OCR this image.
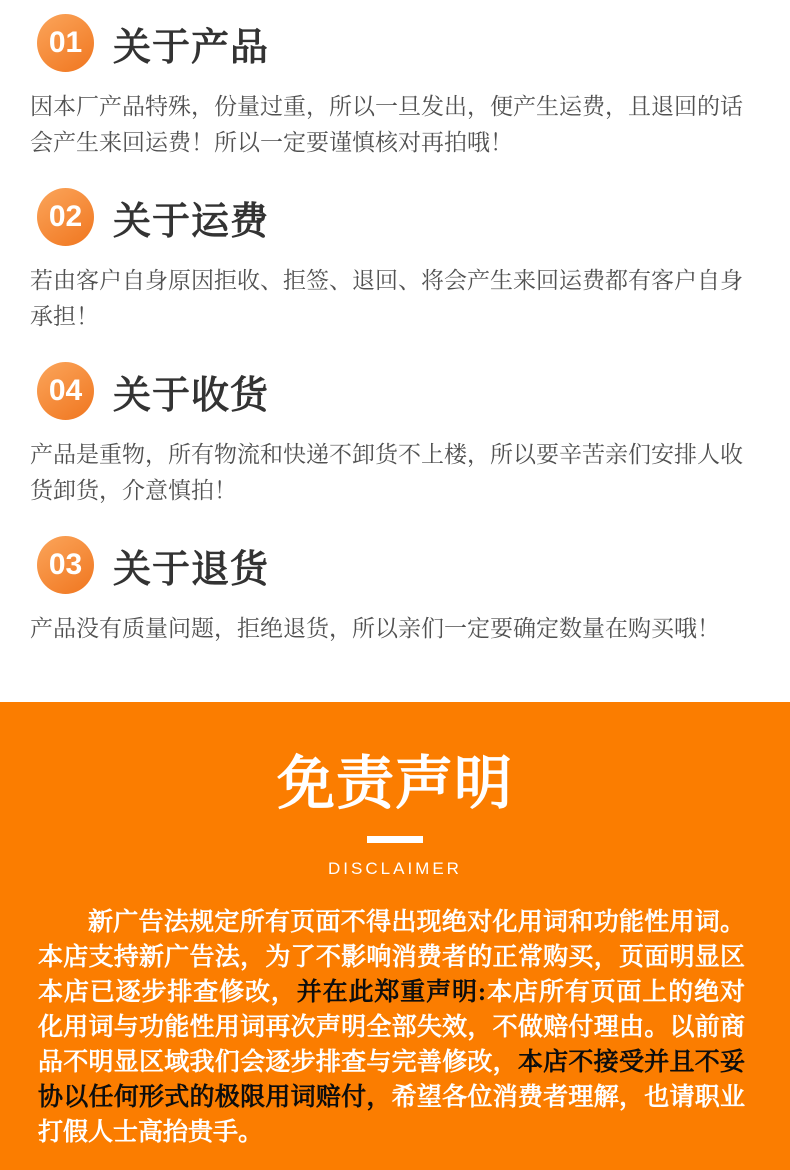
01 关于产品
因本厂产品特殊，份量过重，所以一旦发出，便产生运费，且退回的话会产生来回运费！所以一定要谨慎核对再拍哦！
02 关于运费
若由客户自身原因拒收、拒签、退回、将会产生来回运费都有客户自身承担！
04 关于收货
产品是重物，所有物流和快递不卸货不上楼，所以要辛苦亲们安排人收货卸货，介意慎拍！
03 关于退货
产品没有质量问题，拒绝退货，所以亲们一定要确定数量在购买哦！
免责声明
DISCLAIMER
新广告法规定所有页面不得出现绝对化用词和功能性用词。本店支持新广告法，为了不影响消费者的正常购买，页面明显区本店已逐步排查修改，并在此郑重声明:本店所有页面上的绝对化用词与功能性用词再次声明全部失效，不做赔付理由。以前商品不明显区域我们会逐步排查与完善修改，本店不接受并且不妥协以任何形式的极限用词赔付，希望各位消费者理解，也请职业打假人士高抬贵手。
